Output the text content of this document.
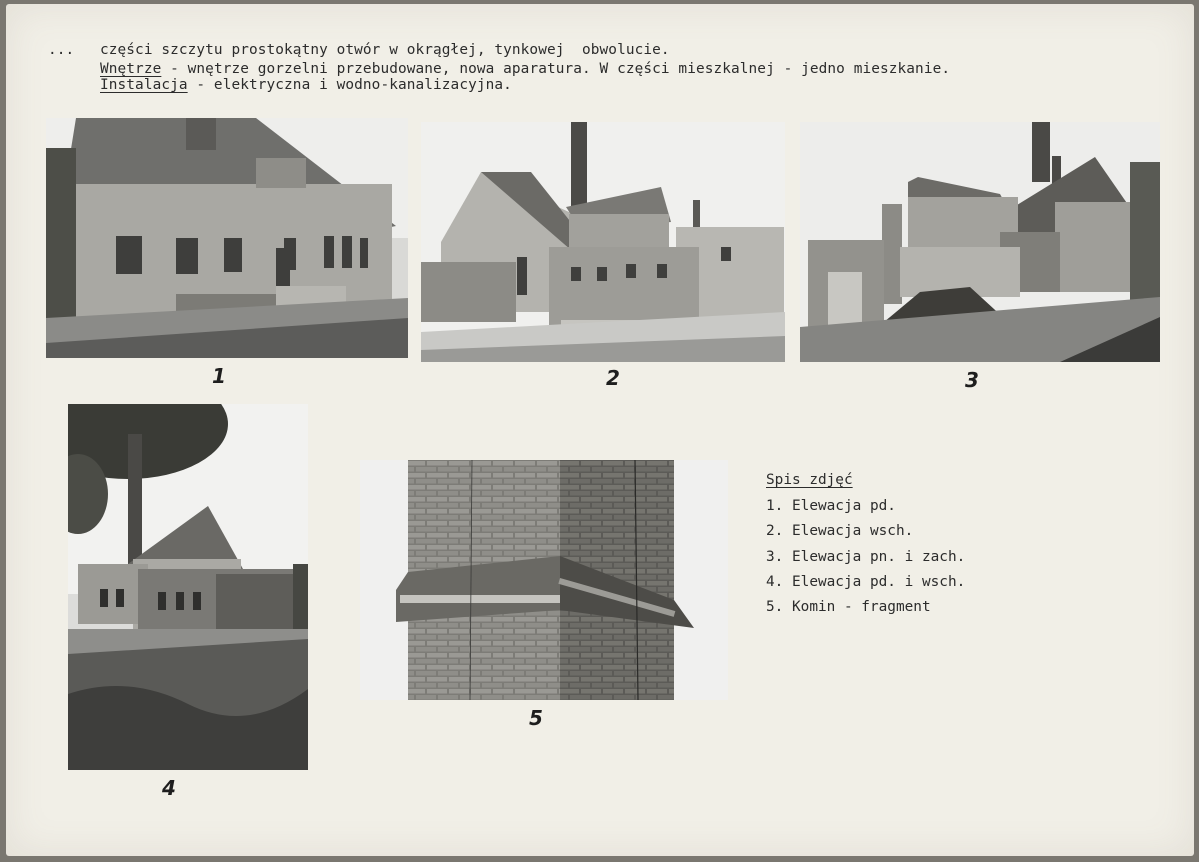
... części szczytu prostokątny otwór w okrągłej, tynkowej  obwolucie.
Wnętrze - wnętrze gorzelni przebudowane, nowa aparatura. W części mieszkalnej - jedno mieszkanie.
Instalacja - elektryczna i wodno-kanalizacyjna.
1	2	3
4
5
Spis zdjęć
1. Elewacja pd.
2. Elewacja wsch.
3. Elewacja pn. i zach.
4. Elewacja pd. i wsch.
5. Komin - fragment
